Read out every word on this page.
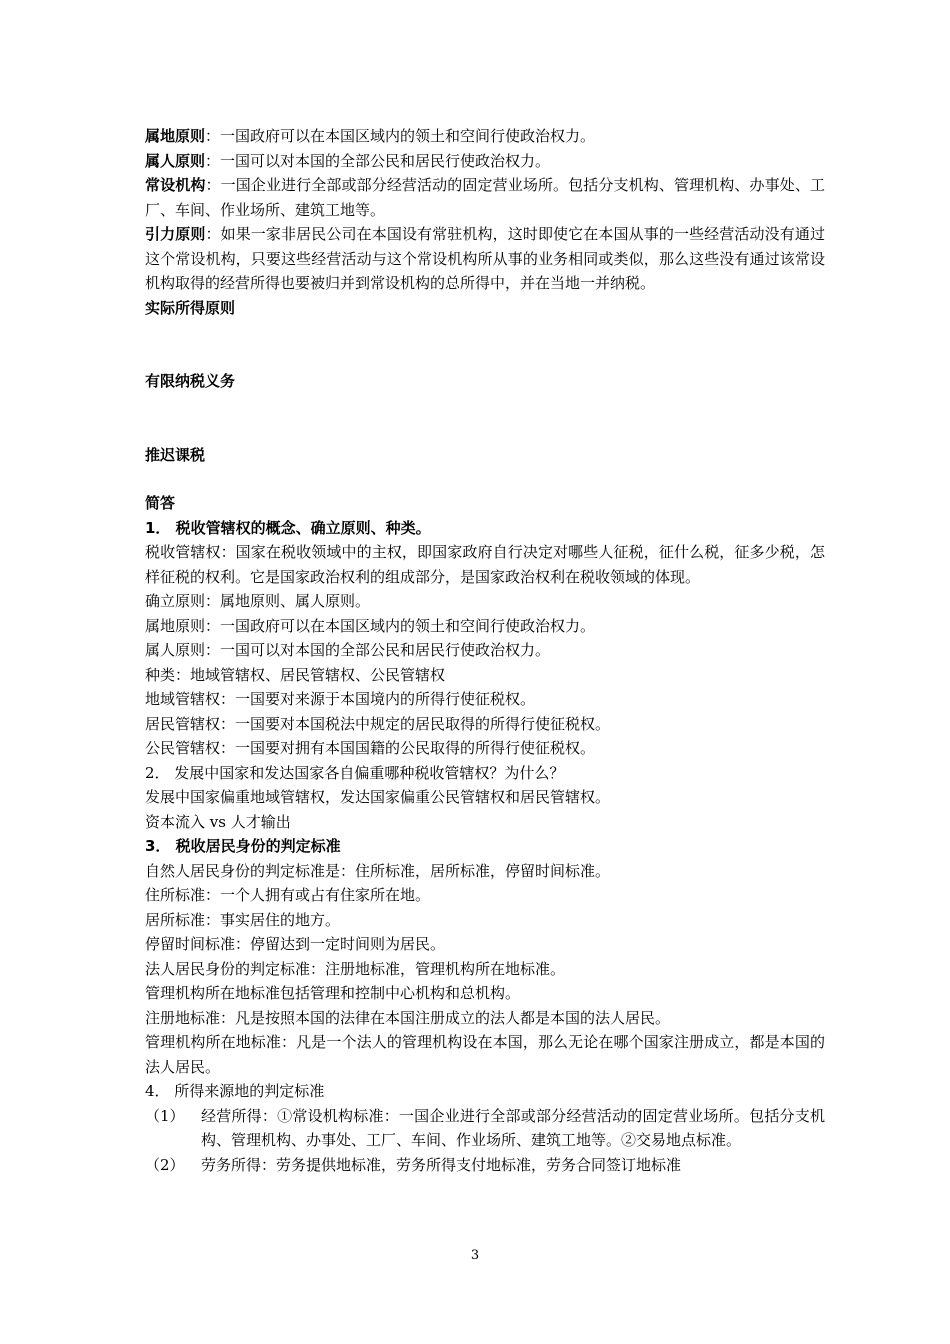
属地原则：一国政府可以在本国区域内的领土和空间行使政治权力。

属人原则：一国可以对本国的全部公民和居民行使政治权力。

常设机构：一国企业进行全部或部分经营活动的固定营业场所。包括分支机构、管理机构、办事处、工厂、车间、作业场所、建筑工地等。

引力原则：如果一家非居民公司在本国设有常驻机构，这时即使它在本国从事的一些经营活动没有通过这个常设机构，只要这些经营活动与这个常设机构所从事的业务相同或类似，那么这些没有通过该常设机构取得的经营所得也要被归并到常设机构的总所得中，并在当地一并纳税。

实际所得原则

有限纳税义务

推迟课税

简答

1． 税收管辖权的概念、确立原则、种类。

税收管辖权：国家在税收领域中的主权，即国家政府自行决定对哪些人征税，征什么税，征多少税，怎样征税的权利。它是国家政治权利的组成部分，是国家政治权利在税收领域的体现。

确立原则：属地原则、属人原则。

属地原则：一国政府可以在本国区域内的领土和空间行使政治权力。

属人原则：一国可以对本国的全部公民和居民行使政治权力。

种类：地域管辖权、居民管辖权、公民管辖权

地域管辖权：一国要对来源于本国境内的所得行使征税权。

居民管辖权：一国要对本国税法中规定的居民取得的所得行使征税权。

公民管辖权：一国要对拥有本国国籍的公民取得的所得行使征税权。

2． 发展中国家和发达国家各自偏重哪种税收管辖权？为什么？

发展中国家偏重地域管辖权，发达国家偏重公民管辖权和居民管辖权。

资本流入 vs 人才输出

3． 税收居民身份的判定标准

自然人居民身份的判定标准是：住所标准，居所标准，停留时间标准。

住所标准：一个人拥有或占有住家所在地。

居所标准：事实居住的地方。

停留时间标准：停留达到一定时间则为居民。

法人居民身份的判定标准：注册地标准，管理机构所在地标准。

管理机构所在地标准包括管理和控制中心机构和总机构。

注册地标准：凡是按照本国的法律在本国注册成立的法人都是本国的法人居民。

管理机构所在地标准：凡是一个法人的管理机构设在本国，那么无论在哪个国家注册成立，都是本国的法人居民。

4． 所得来源地的判定标准

（1）	经营所得：①常设机构标准：一国企业进行全部或部分经营活动的固定营业场所。包括分支机构、管理机构、办事处、工厂、车间、作业场所、建筑工地等。②交易地点标准。
（2）	劳务所得：劳务提供地标准，劳务所得支付地标准，劳务合同签订地标准
3
